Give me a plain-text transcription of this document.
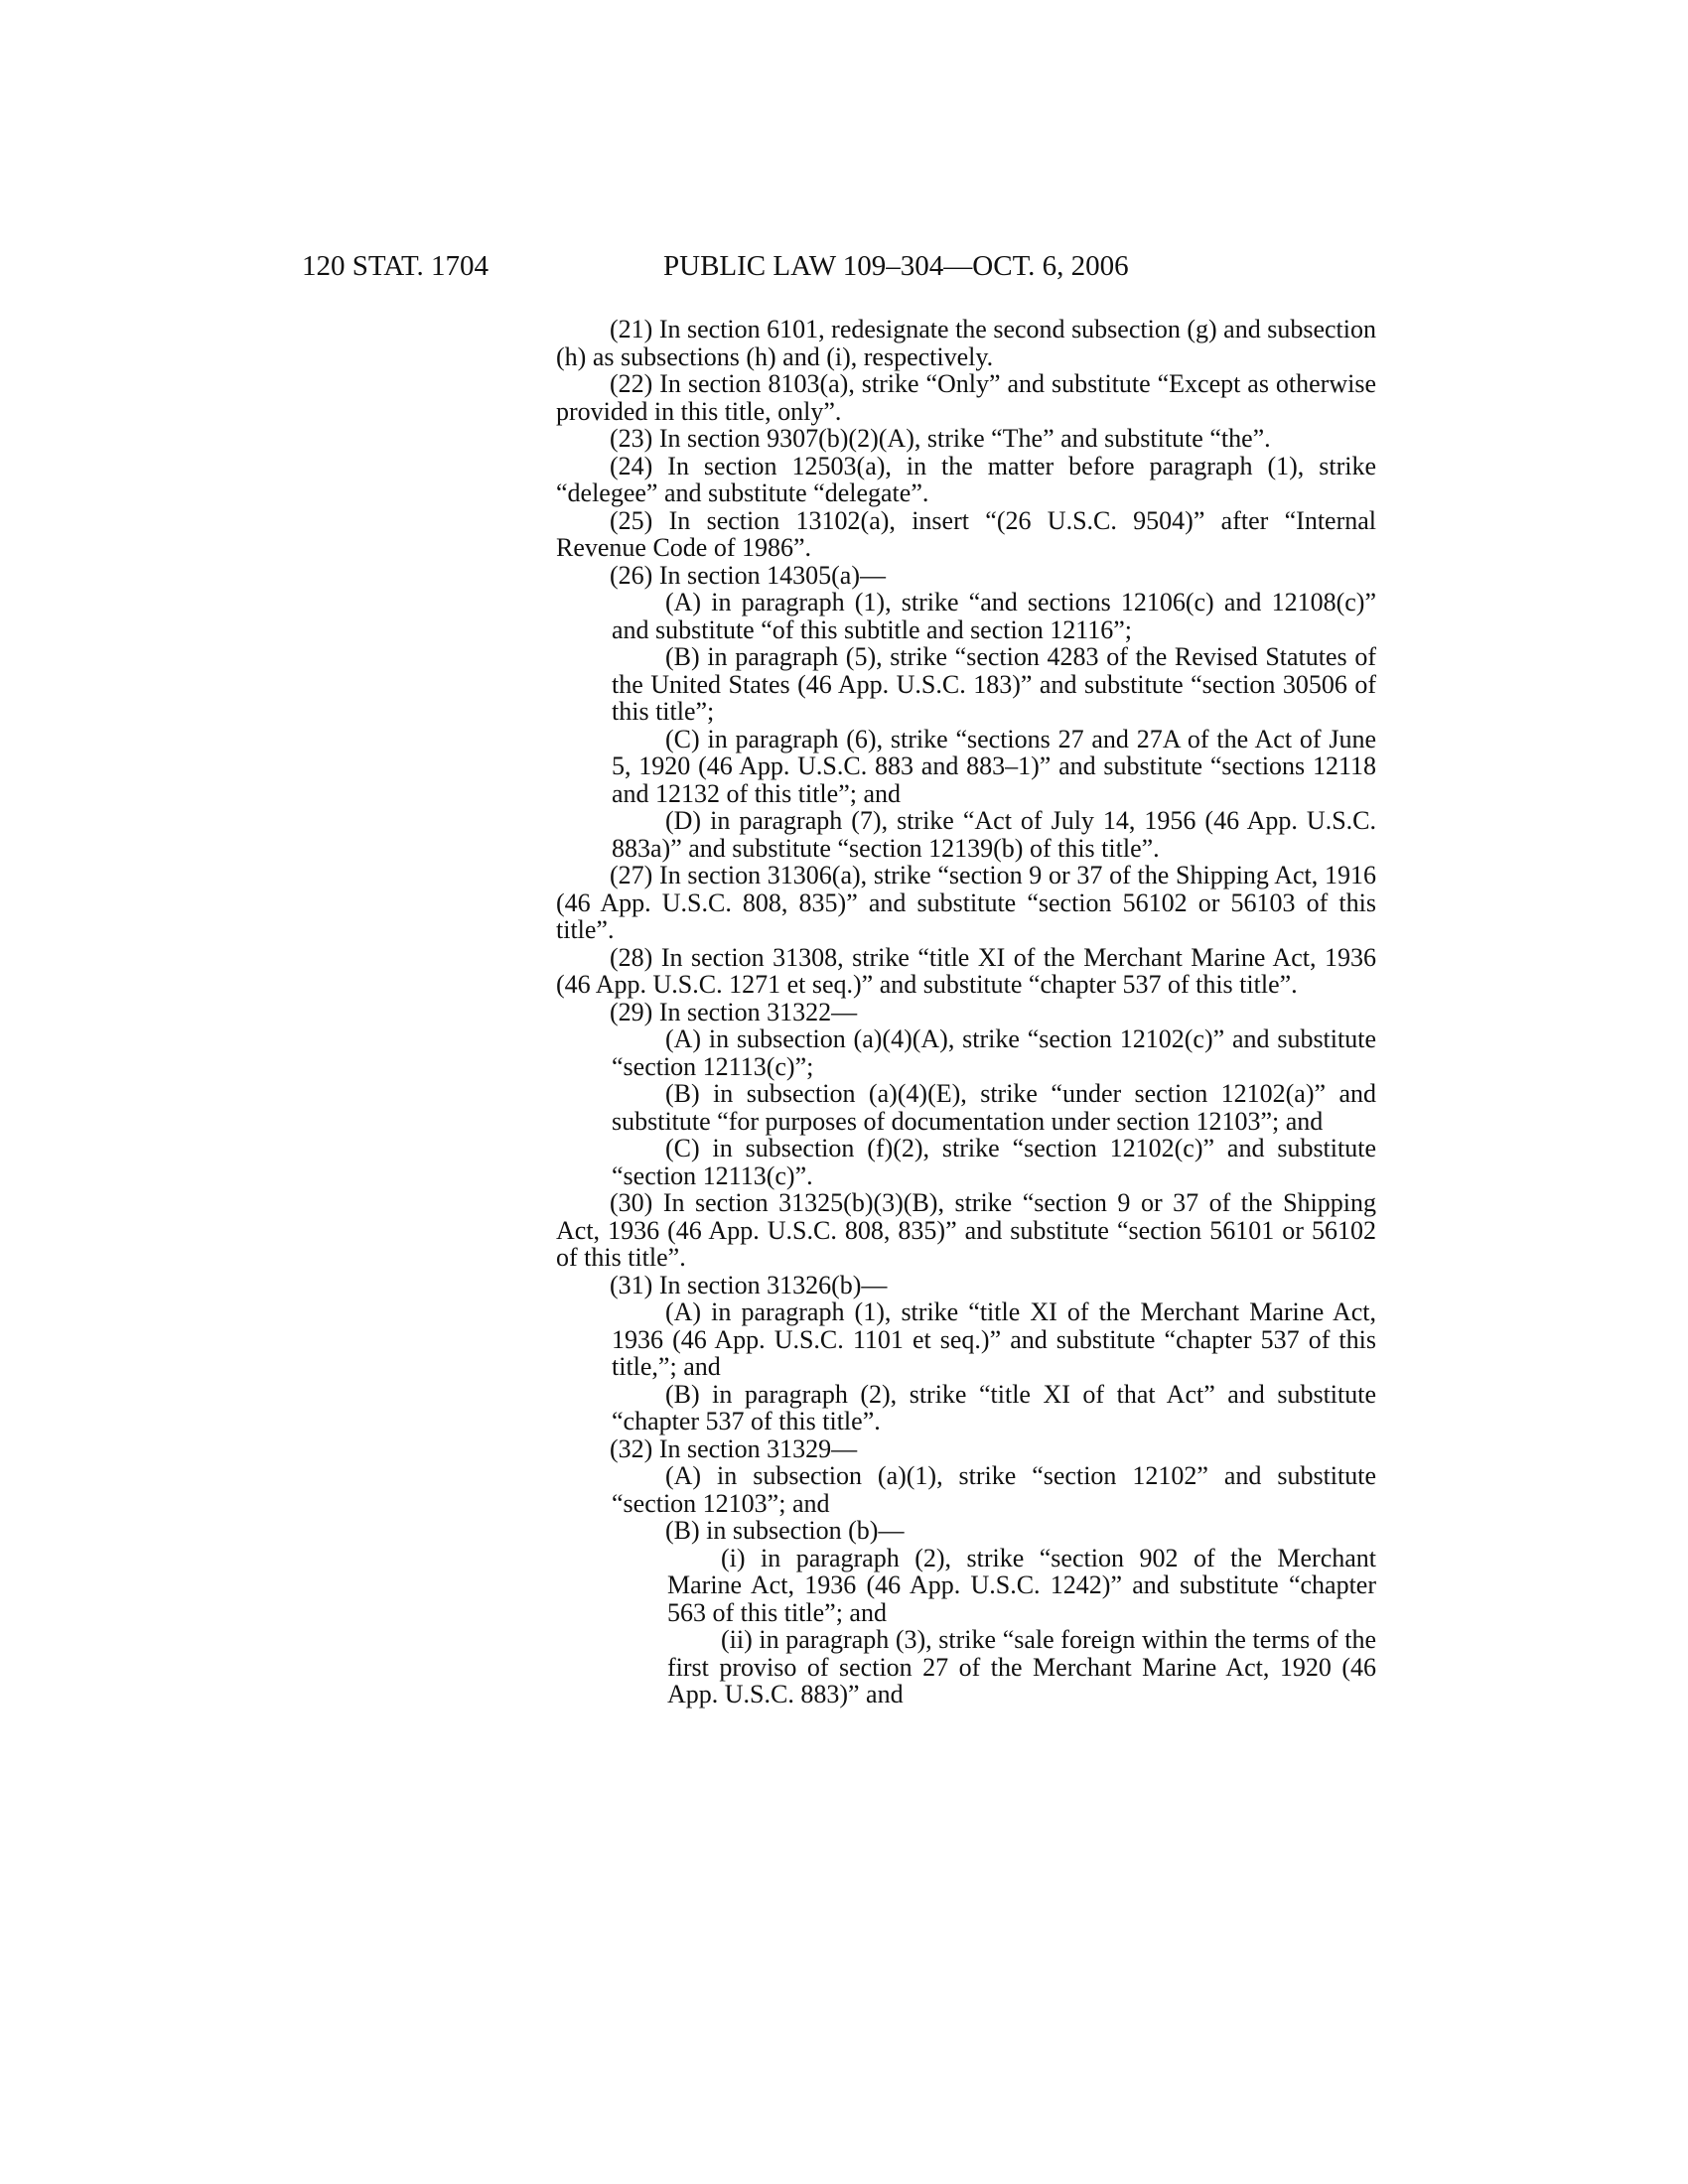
120 STAT. 1704	PUBLIC LAW 109–304—OCT. 6, 2006

(21) In section 6101, redesignate the second subsection (g) and subsection (h) as subsections (h) and (i), respectively.

(22) In section 8103(a), strike “Only” and substitute “Except as otherwise provided in this title, only”.

(23) In section 9307(b)(2)(A), strike “The” and substitute “the”.

(24) In section 12503(a), in the matter before paragraph (1), strike “delegee” and substitute “delegate”.

(25) In section 13102(a), insert “(26 U.S.C. 9504)” after “Internal Revenue Code of 1986”.

(26) In section 14305(a)—

(A) in paragraph (1), strike “and sections 12106(c) and 12108(c)” and substitute “of this subtitle and section 12116”;

(B) in paragraph (5), strike “section 4283 of the Revised Statutes of the United States (46 App. U.S.C. 183)” and substitute “section 30506 of this title”;

(C) in paragraph (6), strike “sections 27 and 27A of the Act of June 5, 1920 (46 App. U.S.C. 883 and 883–1)” and substitute “sections 12118 and 12132 of this title”; and

(D) in paragraph (7), strike “Act of July 14, 1956 (46 App. U.S.C. 883a)” and substitute “section 12139(b) of this title”.

(27) In section 31306(a), strike “section 9 or 37 of the Shipping Act, 1916 (46 App. U.S.C. 808, 835)” and substitute “section 56102 or 56103 of this title”.

(28) In section 31308, strike “title XI of the Merchant Marine Act, 1936 (46 App. U.S.C. 1271 et seq.)” and substitute “chapter 537 of this title”.

(29) In section 31322—

(A) in subsection (a)(4)(A), strike “section 12102(c)” and substitute “section 12113(c)”;

(B) in subsection (a)(4)(E), strike “under section 12102(a)” and substitute “for purposes of documentation under section 12103”; and

(C) in subsection (f)(2), strike “section 12102(c)” and substitute “section 12113(c)”.

(30) In section 31325(b)(3)(B), strike “section 9 or 37 of the Shipping Act, 1936 (46 App. U.S.C. 808, 835)” and substitute “section 56101 or 56102 of this title”.

(31) In section 31326(b)—

(A) in paragraph (1), strike “title XI of the Merchant Marine Act, 1936 (46 App. U.S.C. 1101 et seq.)” and substitute “chapter 537 of this title,”; and

(B) in paragraph (2), strike “title XI of that Act” and substitute “chapter 537 of this title”.

(32) In section 31329—

(A) in subsection (a)(1), strike “section 12102” and substitute “section 12103”; and

(B) in subsection (b)—

(i) in paragraph (2), strike “section 902 of the Merchant Marine Act, 1936 (46 App. U.S.C. 1242)” and substitute “chapter 563 of this title”; and

(ii) in paragraph (3), strike “sale foreign within the terms of the first proviso of section 27 of the Merchant Marine Act, 1920 (46 App. U.S.C. 883)” and
